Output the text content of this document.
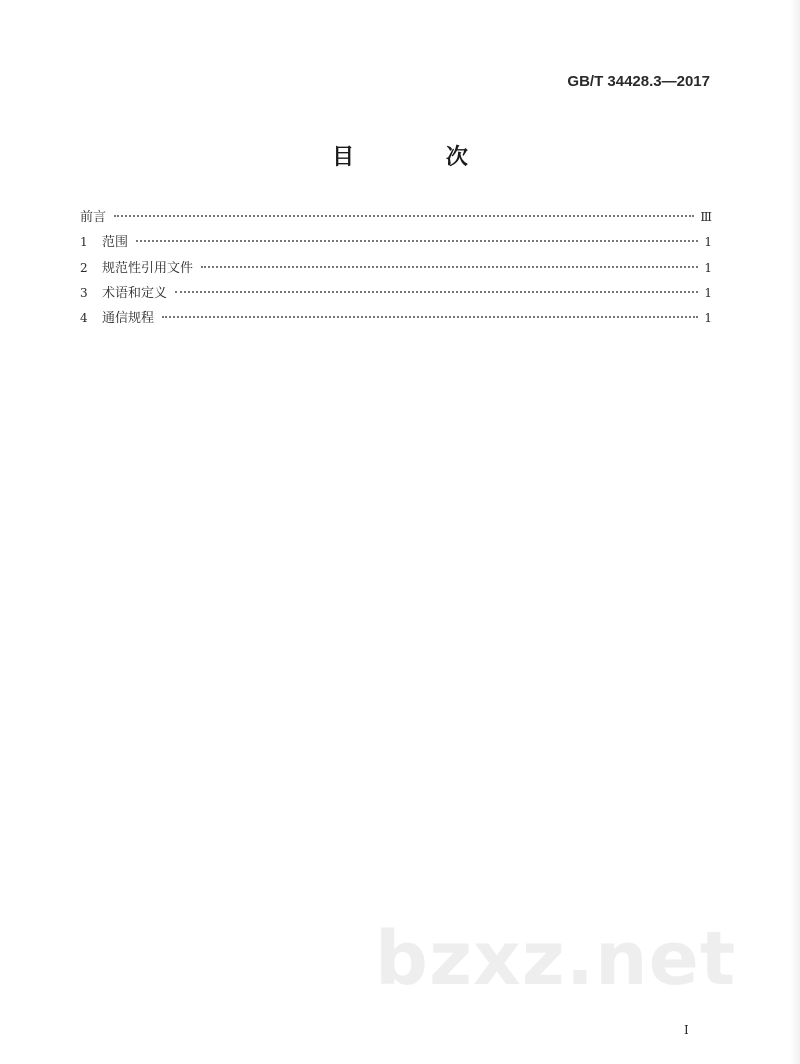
GB/T 34428.3—2017
目 次
前言	Ⅲ
1	范围	1
2	规范性引用文件	1
3	术语和定义	1
4	通信规程	1
bzxz.net
I
